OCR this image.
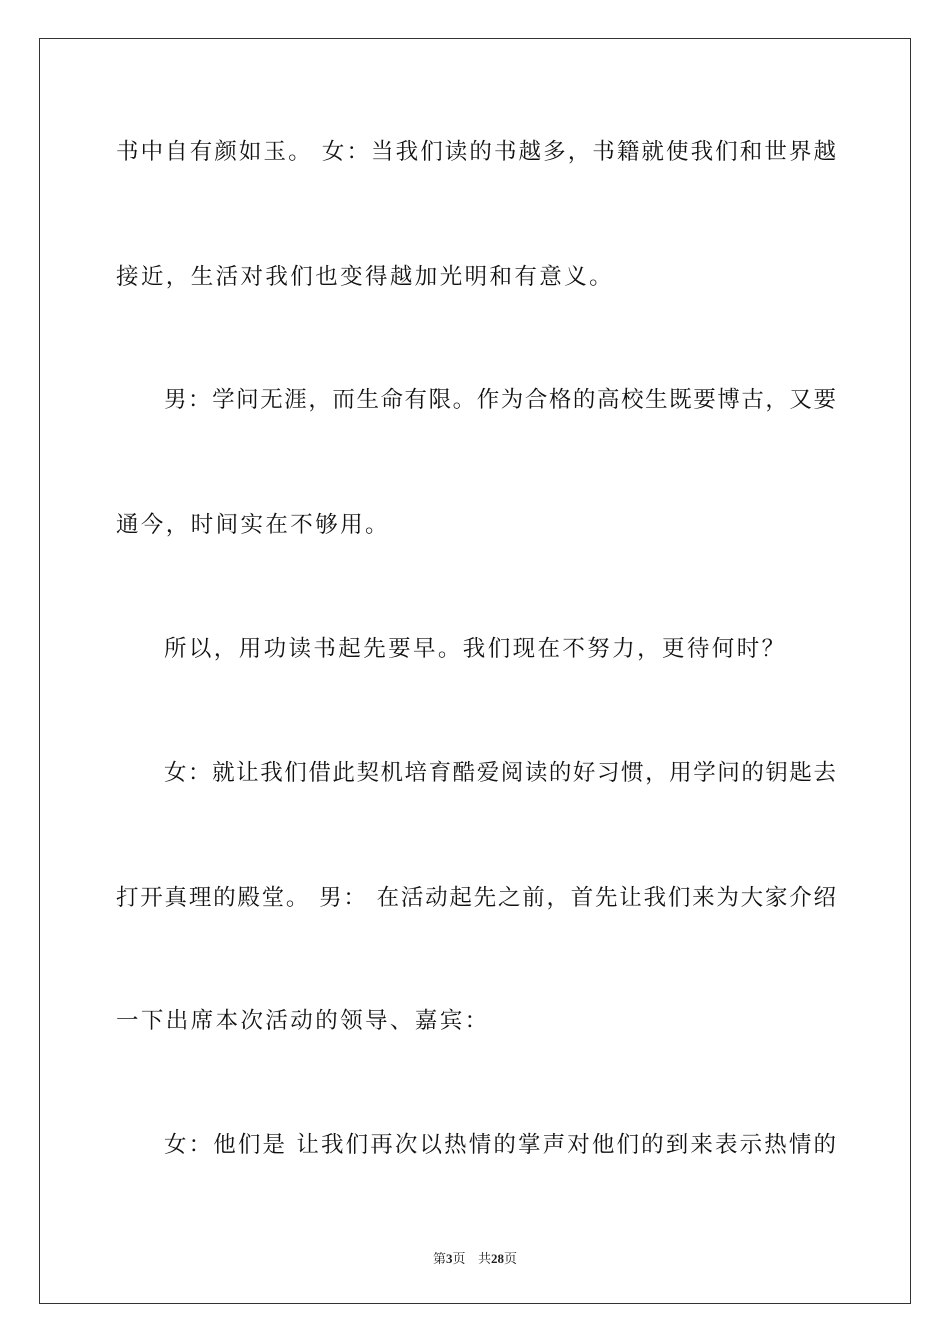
书中自有颜如玉。 女：当我们读的书越多，书籍就使我们和世界越
接近，生活对我们也变得越加光明和有意义。
男：学问无涯，而生命有限。作为合格的高校生既要博古，又要
通今，时间实在不够用。
所以，用功读书起先要早。我们现在不努力，更待何时？
女：就让我们借此契机培育酷爱阅读的好习惯，用学问的钥匙去
打开真理的殿堂。 男： 在活动起先之前，首先让我们来为大家介绍
一下出席本次活动的领导、嘉宾：
女：他们是 让我们再次以热情的掌声对他们的到来表示热情的
第3页 共28页
